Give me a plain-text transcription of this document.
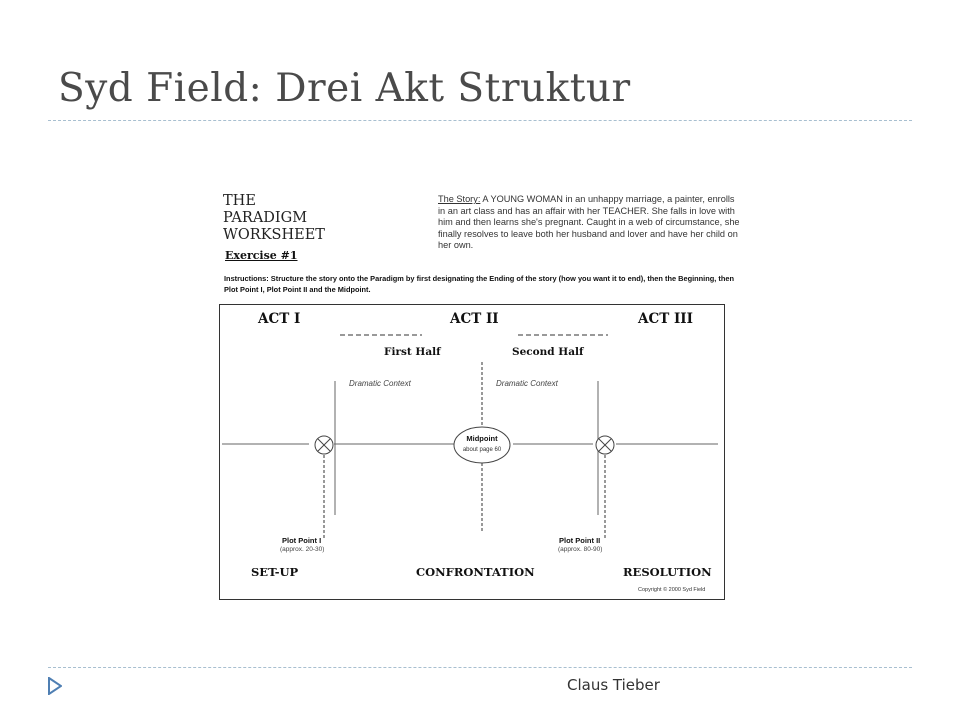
Syd Field: Drei Akt Struktur
THE
PARADIGM
WORKSHEET
Exercise #1
The Story: A YOUNG WOMAN in an unhappy marriage, a painter, enrolls in an art class and has an affair with her TEACHER. She falls in love with him and then learns she's pregnant. Caught in a web of circumstance, she finally resolves to leave both her husband and lover and have her child on her own.
Instructions: Structure the story onto the Paradigm by first designating the Ending of the story (how you want it to end), then the Beginning, then Plot Point I, Plot Point II and the Midpoint.
ACT I	ACT II	ACT III
First Half	Second Half
Dramatic Context	Dramatic Context
Midpoint
about page 60
Plot Point I
(approx. 20-30)
Plot Point II
(approx. 80-90)
SET-UP	CONFRONTATION	RESOLUTION
Copyright © 2000 Syd Field
Claus Tieber
